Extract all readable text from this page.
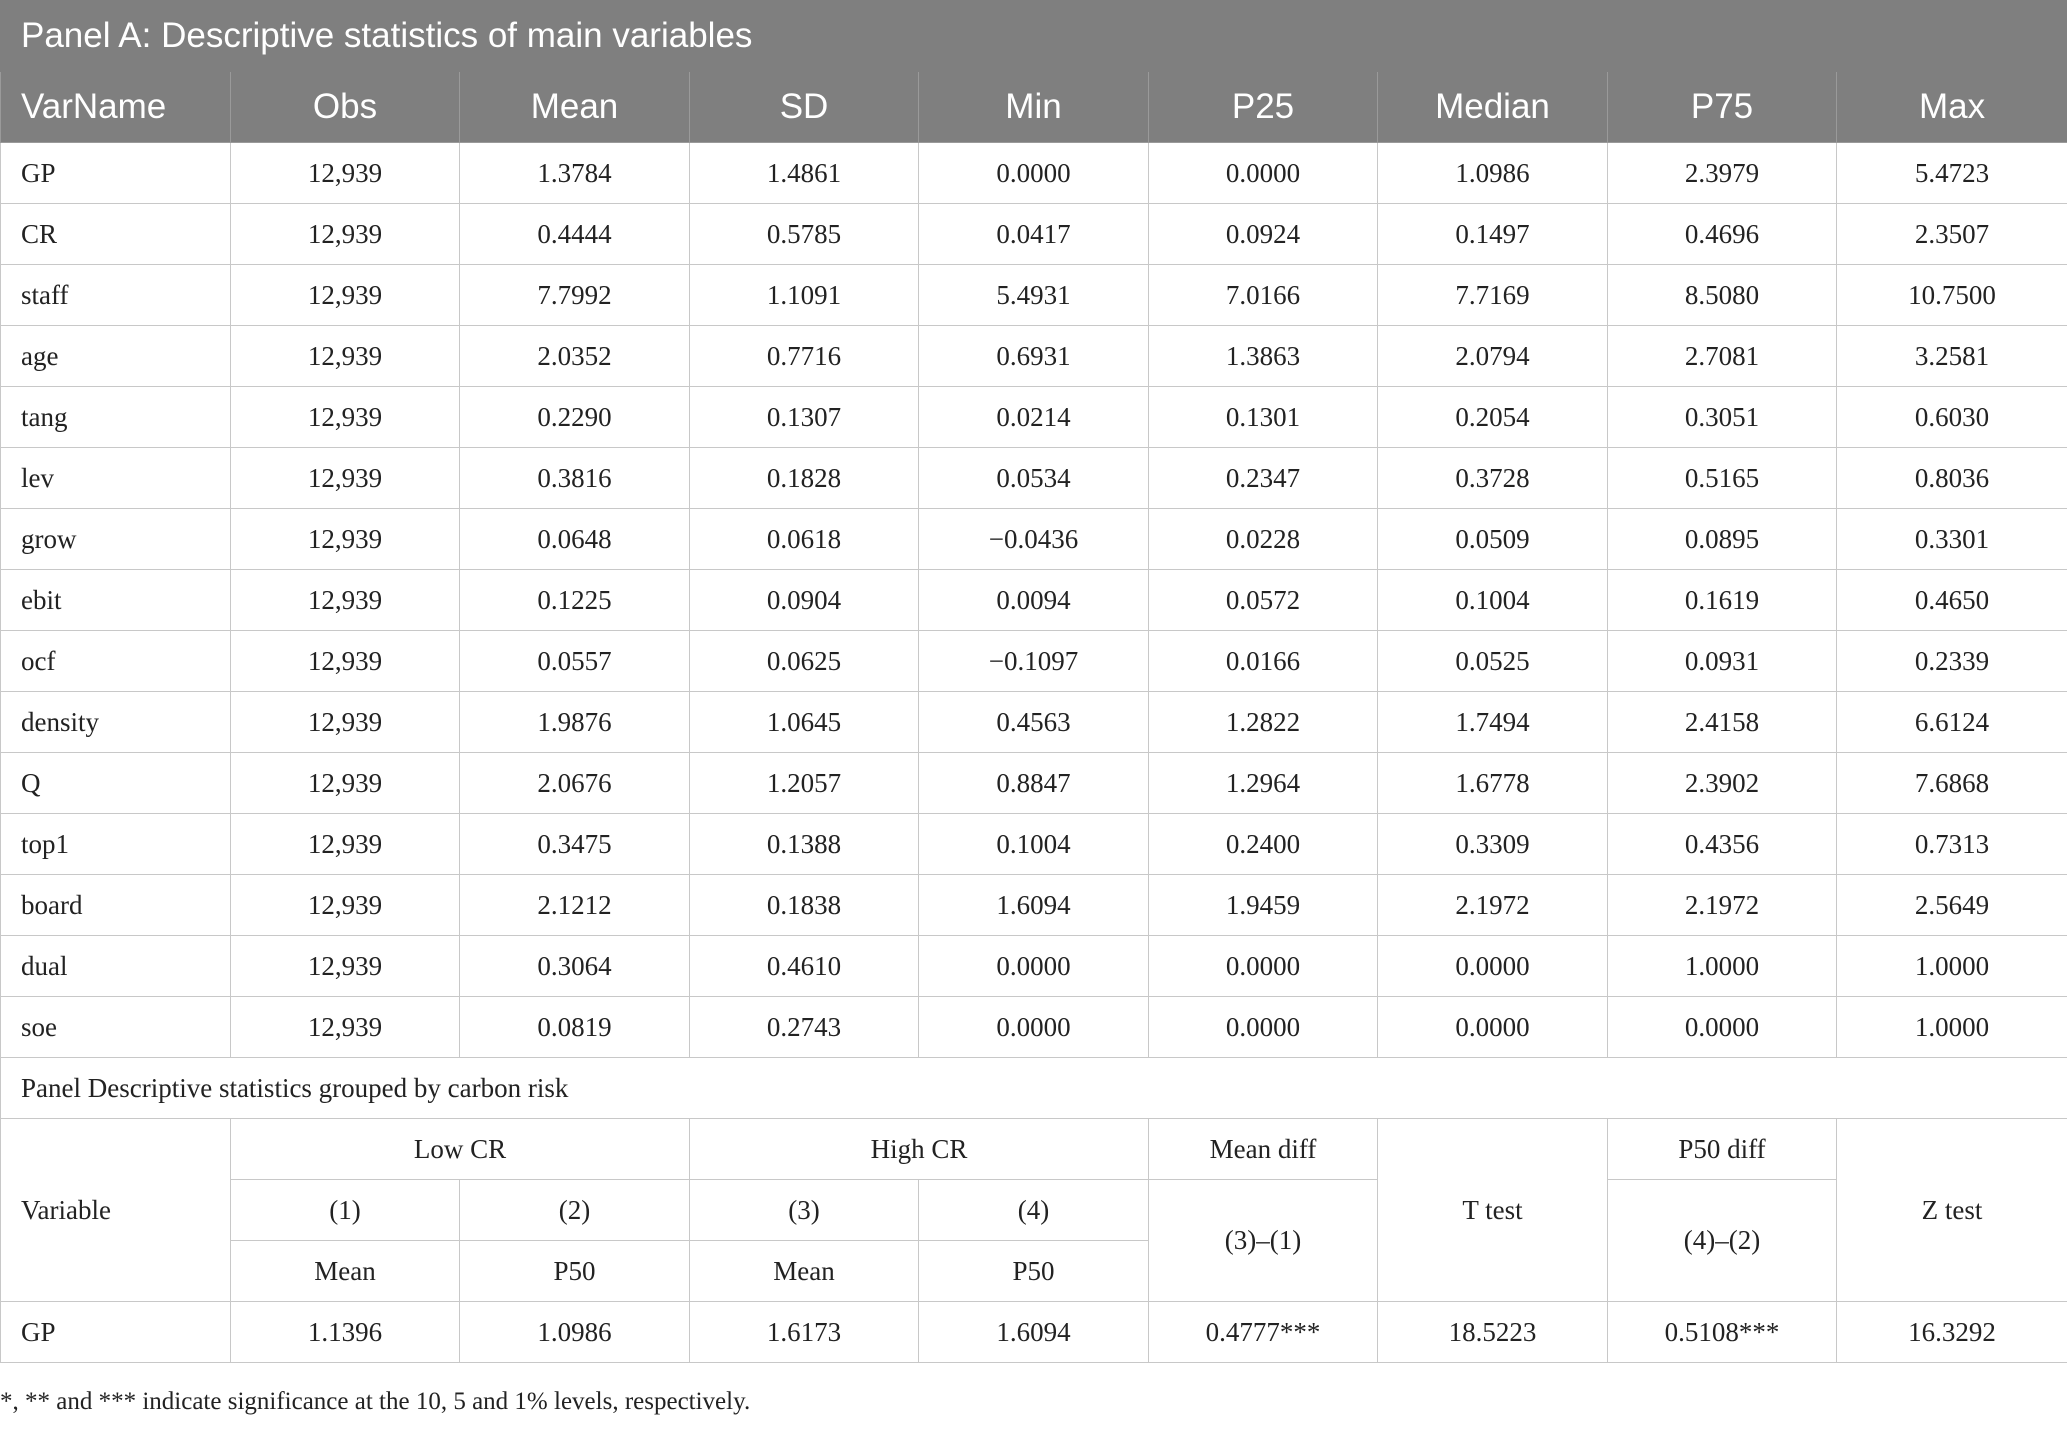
Panel A: Descriptive statistics of main variables								
VarName	Obs	Mean	SD	Min	P25	Median	P75	Max
GP	12,939	1.3784	1.4861	0.0000	0.0000	1.0986	2.3979	5.4723
CR	12,939	0.4444	0.5785	0.0417	0.0924	0.1497	0.4696	2.3507
staff	12,939	7.7992	1.1091	5.4931	7.0166	7.7169	8.5080	10.7500
age	12,939	2.0352	0.7716	0.6931	1.3863	2.0794	2.7081	3.2581
tang	12,939	0.2290	0.1307	0.0214	0.1301	0.2054	0.3051	0.6030
lev	12,939	0.3816	0.1828	0.0534	0.2347	0.3728	0.5165	0.8036
grow	12,939	0.0648	0.0618	−0.0436	0.0228	0.0509	0.0895	0.3301
ebit	12,939	0.1225	0.0904	0.0094	0.0572	0.1004	0.1619	0.4650
ocf	12,939	0.0557	0.0625	−0.1097	0.0166	0.0525	0.0931	0.2339
density	12,939	1.9876	1.0645	0.4563	1.2822	1.7494	2.4158	6.6124
Q	12,939	2.0676	1.2057	0.8847	1.2964	1.6778	2.3902	7.6868
top1	12,939	0.3475	0.1388	0.1004	0.2400	0.3309	0.4356	0.7313
board	12,939	2.1212	0.1838	1.6094	1.9459	2.1972	2.1972	2.5649
dual	12,939	0.3064	0.4610	0.0000	0.0000	0.0000	1.0000	1.0000
soe	12,939	0.0819	0.2743	0.0000	0.0000	0.0000	0.0000	1.0000
Panel Descriptive statistics grouped by carbon risk								
Variable	Low CR		High CR		Mean diff	T test	P50 diff	Z test
	(1)	(2)	(3)	(4)	(3)–(1)		(4)–(2)	
	Mean	P50	Mean	P50				
GP	1.1396	1.0986	1.6173	1.6094	0.4777***	18.5223	0.5108***	16.3292
*, ** and *** indicate significance at the 10, 5 and 1% levels, respectively.
